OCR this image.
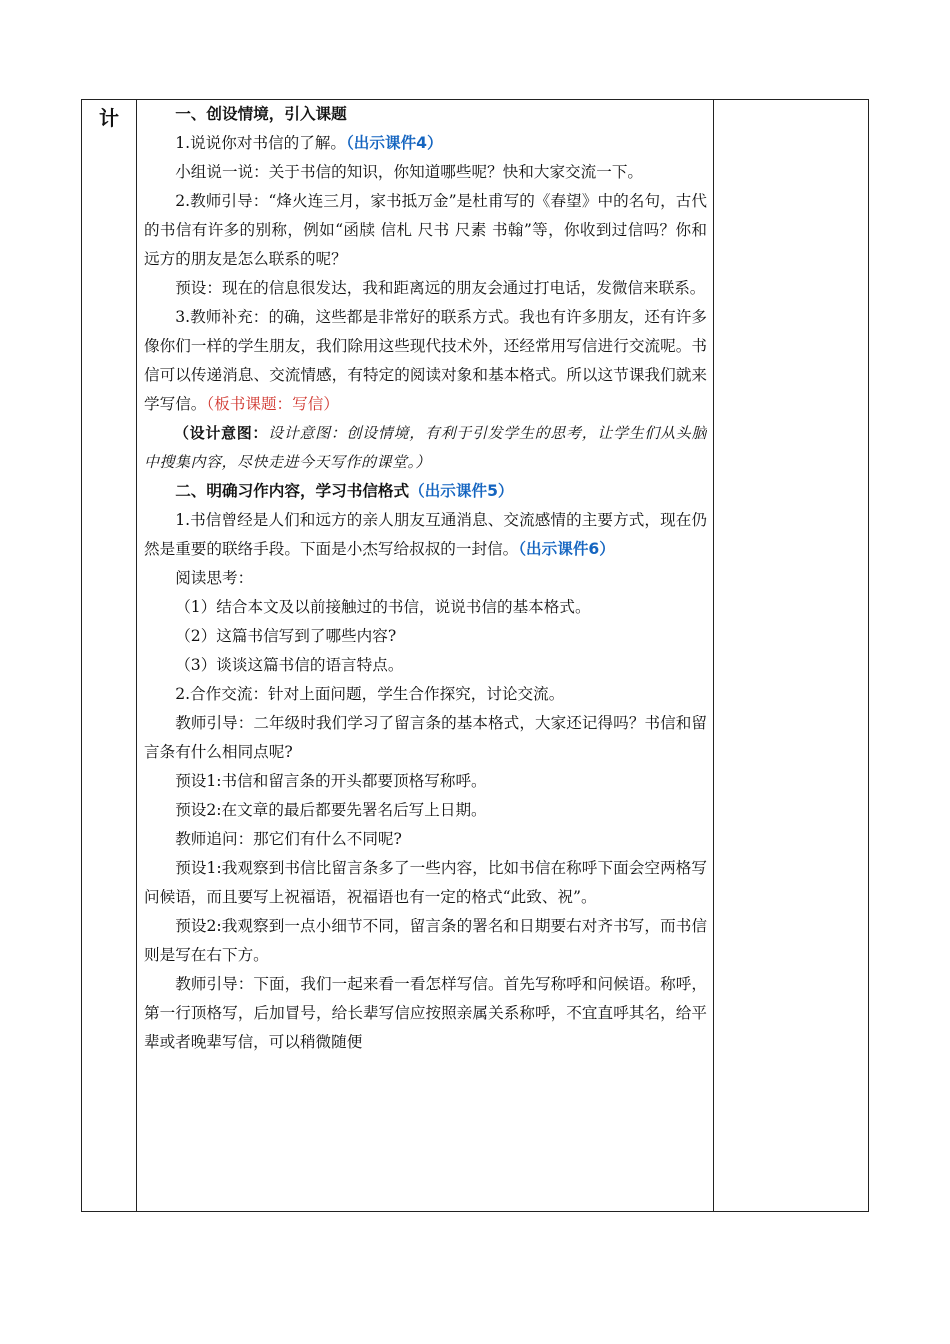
计	一、创设情境，引入课题

1.说说你对书信的了解。（出示课件4）

小组说一说：关于书信的知识，你知道哪些呢？快和大家交流一下。

2.教师引导：“烽火连三月，家书抵万金”是杜甫写的《春望》中的名句，古代的书信有许多的别称，例如“函牍 信札 尺书 尺素 书翰”等，你收到过信吗？你和远方的朋友是怎么联系的呢？

预设：现在的信息很发达，我和距离远的朋友会通过打电话，发微信来联系。

3.教师补充：的确，这些都是非常好的联系方式。我也有许多朋友，还有许多像你们一样的学生朋友，我们除用这些现代技术外，还经常用写信进行交流呢。书信可以传递消息、交流情感，有特定的阅读对象和基本格式。所以这节课我们就来学写信。（板书课题：写信）

（设计意图：设计意图：创设情境，有利于引发学生的思考，让学生们从头脑中搜集内容，尽快走进今天写作的课堂。）

二、明确习作内容，学习书信格式（出示课件5）

1.书信曾经是人们和远方的亲人朋友互通消息、交流感情的主要方式，现在仍然是重要的联络手段。下面是小杰写给叔叔的一封信。（出示课件6）

阅读思考：

（1）结合本文及以前接触过的书信，说说书信的基本格式。

（2）这篇书信写到了哪些内容?

（3）谈谈这篇书信的语言特点。

2.合作交流：针对上面问题，学生合作探究，讨论交流。

教师引导：二年级时我们学习了留言条的基本格式，大家还记得吗？书信和留言条有什么相同点呢?

预设1:书信和留言条的开头都要顶格写称呼。

预设2:在文章的最后都要先署名后写上日期。

教师追问：那它们有什么不同呢?

预设1:我观察到书信比留言条多了一些内容，比如书信在称呼下面会空两格写问候语，而且要写上祝福语，祝福语也有一定的格式“此致、祝”。

预设2:我观察到一点小细节不同，留言条的署名和日期要右对齐书写，而书信则是写在右下方。

教师引导：下面，我们一起来看一看怎样写信。首先写称呼和问候语。称呼，第一行顶格写，后加冒号，给长辈写信应按照亲属关系称呼，不宜直呼其名，给平辈或者晚辈写信，可以稍微随便
